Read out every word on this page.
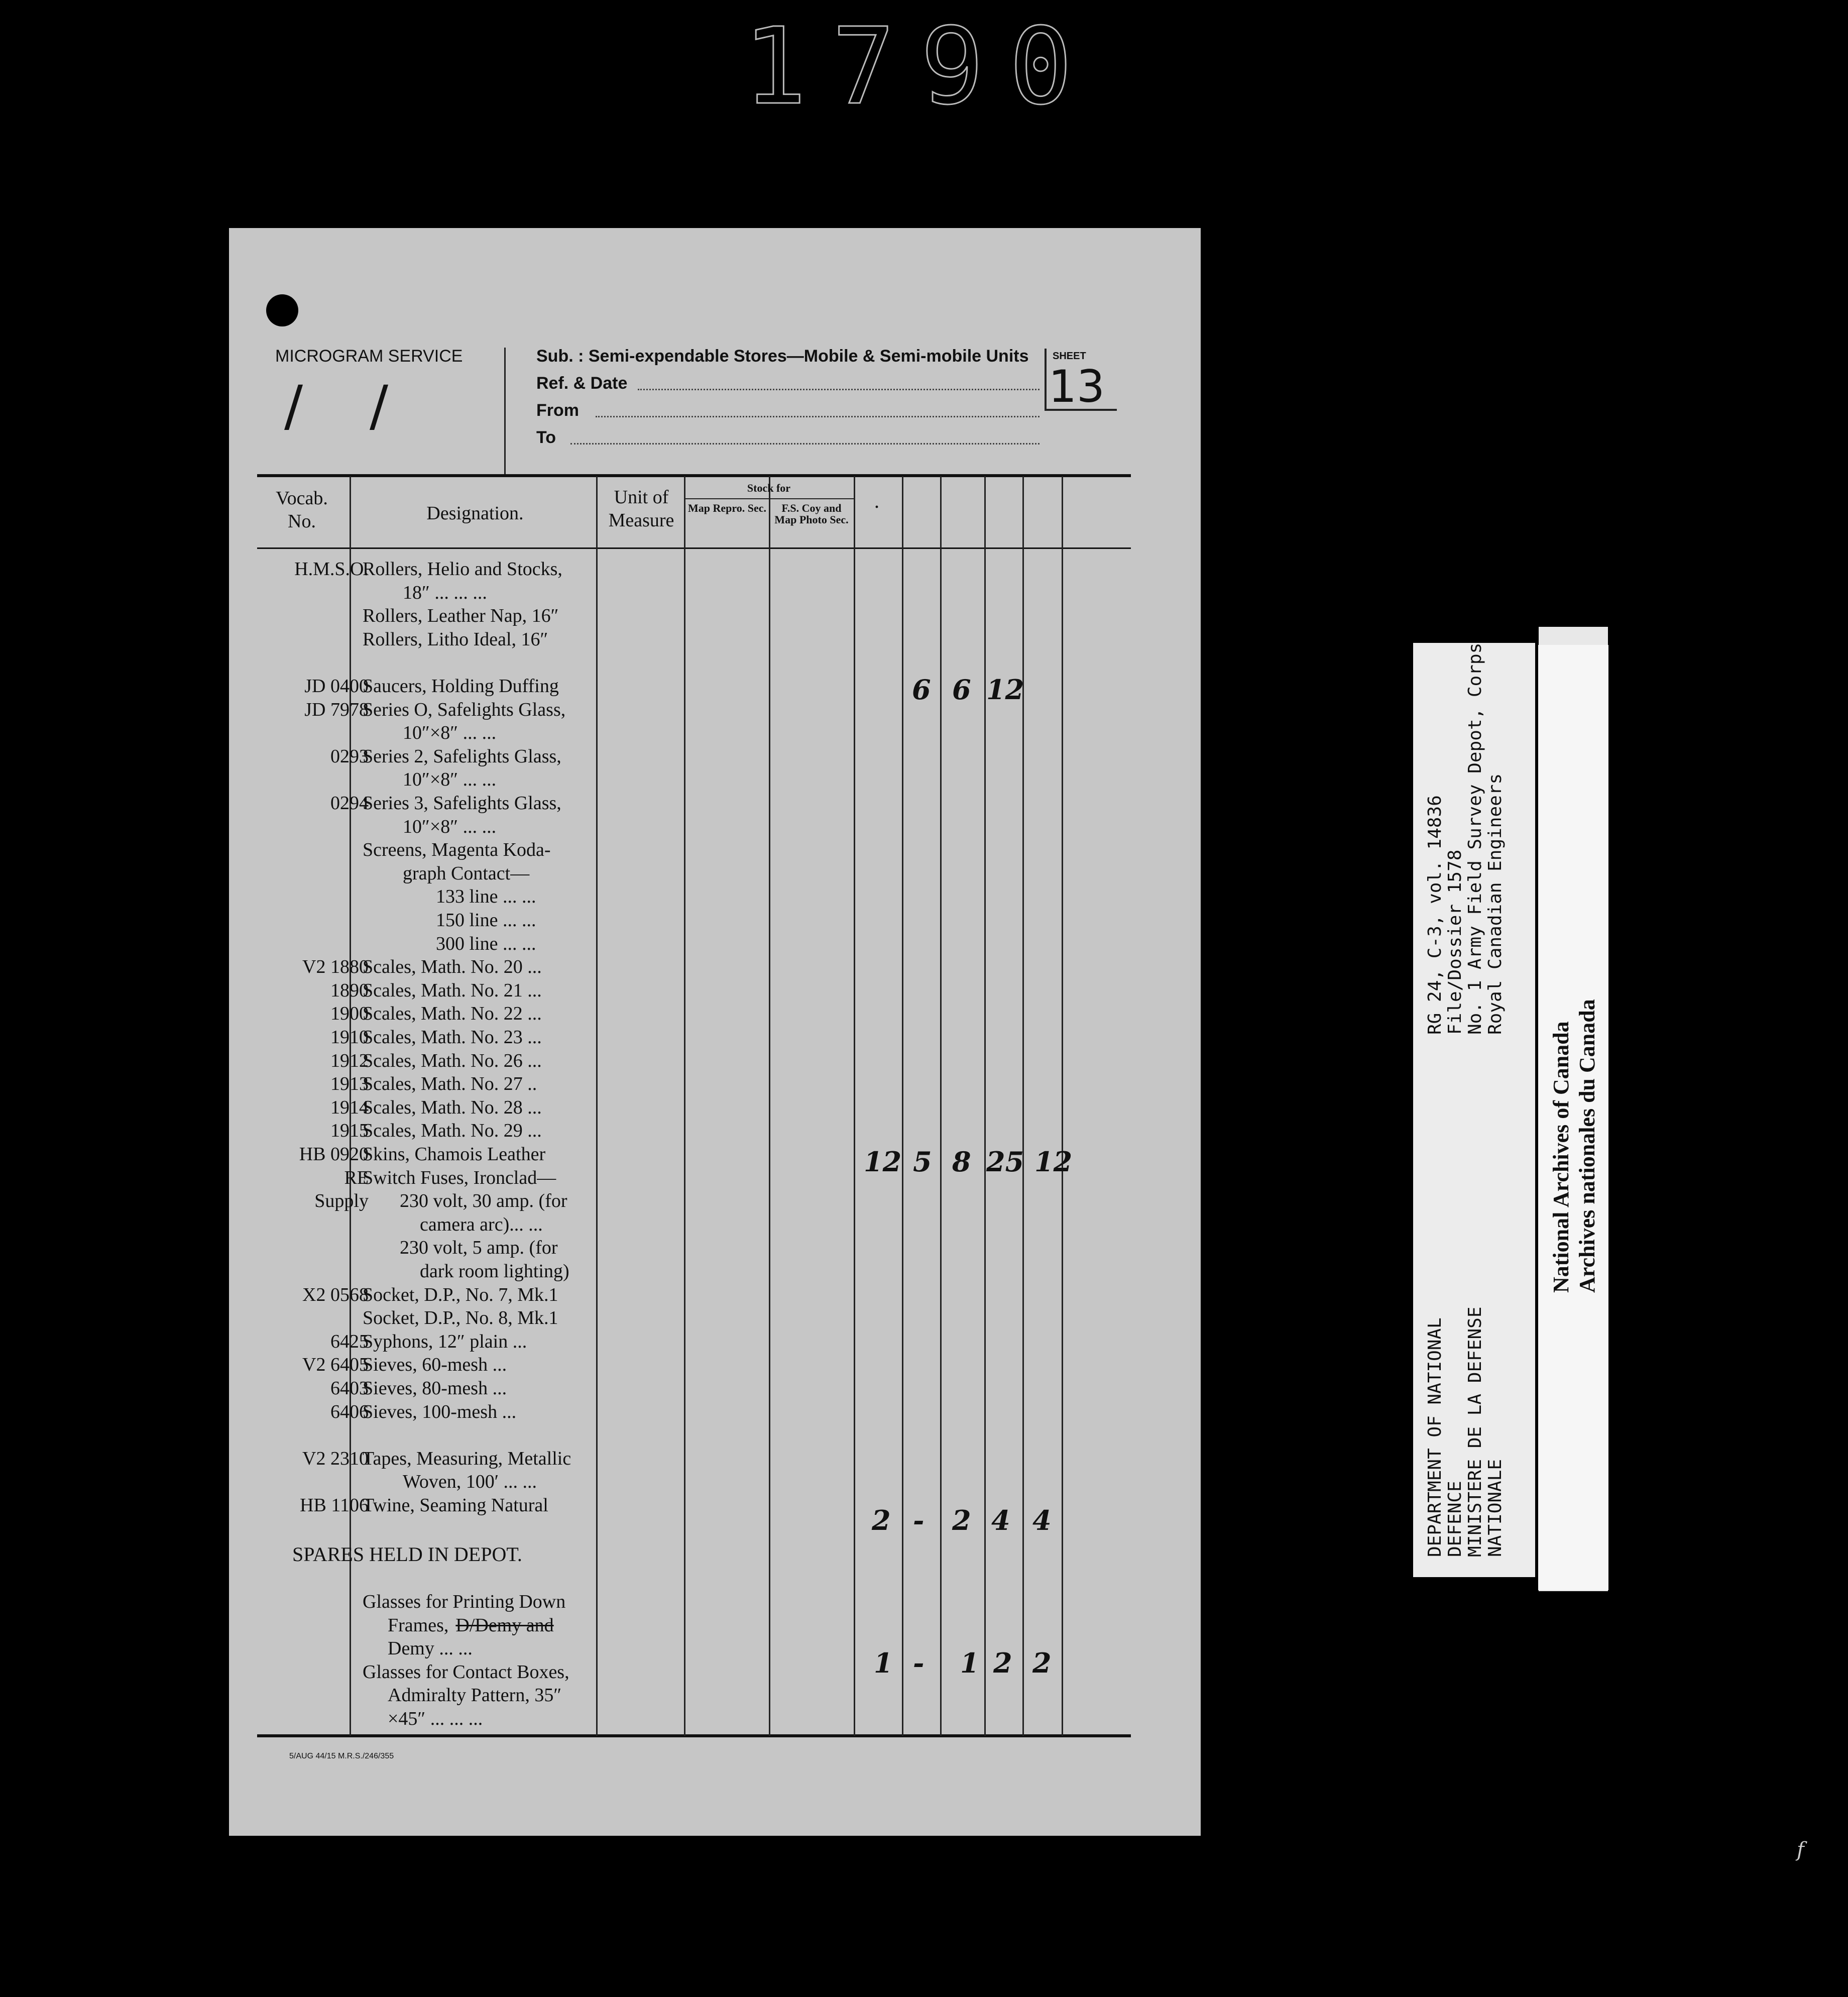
1790
MICROGRAM SERVICE
/ /
Sub. : Semi-expendable Stores—Mobile & Semi-mobile Units
Ref. & Date
From
To
SHEET
13
Vocab. No.	Designation.
Unit of Measure
Stock for
Map Repro. Sec.	F.S. Coy and Map Photo Sec.
·
H.M.S.O.
Rollers, Helio and Stocks,
18″ ... ... ...
Rollers, Leather Nap, 16″
Rollers, Litho Ideal, 16″
JD 0400
Saucers, Holding Duffing
JD 7978
Series O, Safelights Glass,
10″×8″ ... ...
0293
Series 2, Safelights Glass,
10″×8″ ... ...
0294
Series 3, Safelights Glass,
10″×8″ ... ...
Screens, Magenta Koda-
graph Contact—
133 line ... ...
150 line ... ...
300 line ... ...
V2 1880
Scales, Math. No. 20 ...
1890
Scales, Math. No. 21 ...
1900
Scales, Math. No. 22 ...
1910
Scales, Math. No. 23 ...
1912
Scales, Math. No. 26 ...
1913
Scales, Math. No. 27 ..
1914
Scales, Math. No. 28 ...
1915
Scales, Math. No. 29 ...
HB 0920
Skins, Chamois Leather
RE
Switch Fuses, Ironclad—
Supply 230 volt, 30 amp. (for
camera arc)... ...
230 volt, 5 amp. (for
dark room lighting)
X2 0568
Socket, D.P., No. 7, Mk.1
Socket, D.P., No. 8, Mk.1
6425
Syphons, 12″ plain ...
V2 6405
Sieves, 60-mesh ...
6403
Sieves, 80-mesh ...
6406
Sieves, 100-mesh ...
V2 2310
Tapes, Measuring, Metallic
Woven, 100′ ... ...
HB 1106
Twine, Seaming Natural
Glasses for Printing Down
Frames, D/Demy and
Demy ... ...
Glasses for Contact Boxes,
Admiralty Pattern, 35″
×45″ ... ... ...
SPARES HELD IN DEPOT.
6 6 12
12 5 8 25 12
2 - 2 4 4
1 - 1 2 2
5/AUG 44/15 M.R.S./246/355
DEPARTMENT OF NATIONAL DEFENCE MINISTERE DE LA DEFENSE NATIONALE
RG 24, C-3, vol. 14836 File/Dossier 1578 No. 1 Army Field Survey Depot, Corps Royal Canadian Engineers
National Archives of Canada Archives nationales du Canada
f
